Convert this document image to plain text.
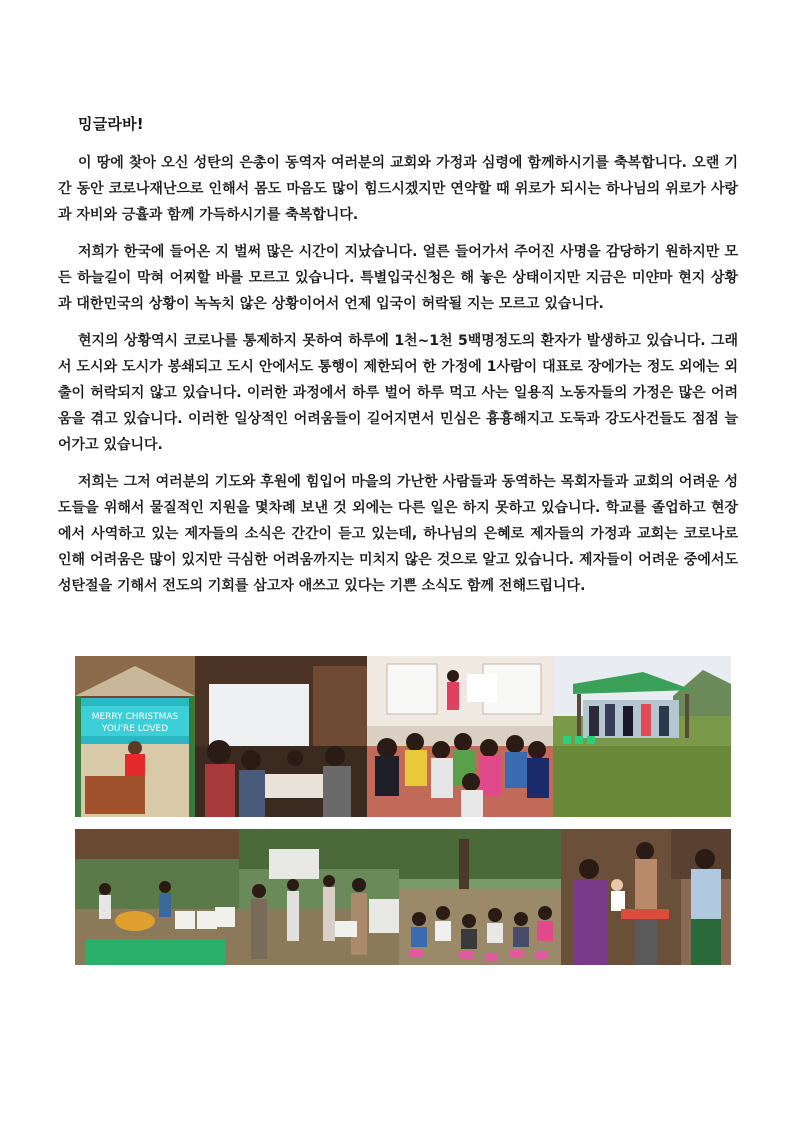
밍글라바!

이 땅에 찾아 오신 성탄의 은총이 동역자 여러분의 교회와 가정과 심령에 함께하시기를 축복합니다. 오랜 기간 동안 코로나재난으로 인해서 몸도 마음도 많이 힘드시겠지만 연약할 때 위로가 되시는 하나님의 위로가 사랑과 자비와 긍휼과 함께 가득하시기를 축복합니다.

저희가 한국에 들어온 지 벌써 많은 시간이 지났습니다. 얼른 들어가서 주어진 사명을 감당하기 원하지만 모든 하늘길이 막혀 어찌할 바를 모르고 있습니다. 특별입국신청은 해 놓은 상태이지만 지금은 미얀마 현지 상황과 대한민국의 상황이 녹녹치 않은 상황이어서 언제 입국이 허락될 지는 모르고 있습니다.

현지의 상황역시 코로나를 통제하지 못하여 하루에 1천~1천 5백명정도의 환자가 발생하고 있습니다. 그래서 도시와 도시가 봉쇄되고 도시 안에서도 통행이 제한되어 한 가정에 1사람이 대표로 장에가는 정도 외에는 외출이 허락되지 않고 있습니다. 이러한 과정에서 하루 벌어 하루 먹고 사는 일용직 노동자들의 가정은 많은 어려움을 겪고 있습니다. 이러한 일상적인 어려움들이 길어지면서 민심은 흉흉해지고 도둑과 강도사건들도 점점 늘어가고 있습니다.

저희는 그저 여러분의 기도와 후원에 힘입어 마을의 가난한 사람들과 동역하는 목회자들과 교회의 어려운 성도들을 위해서 물질적인 지원을 몇차례 보낸 것 외에는 다른 일은 하지 못하고 있습니다. 학교를 졸업하고 현장에서 사역하고 있는 제자들의 소식은 간간이 듣고 있는데, 하나님의 은혜로 제자들의 가정과 교회는 코로나로 인해 어려움은 많이 있지만 극심한 어려움까지는 미치지 않은 것으로 알고 있습니다. 제자들이 어려운 중에서도 성탄절을 기해서 전도의 기회를 삼고자 애쓰고 있다는 기쁜 소식도 함께 전해드립니다.

MERRY CHRISTMAS
YOU'RE LOVED
